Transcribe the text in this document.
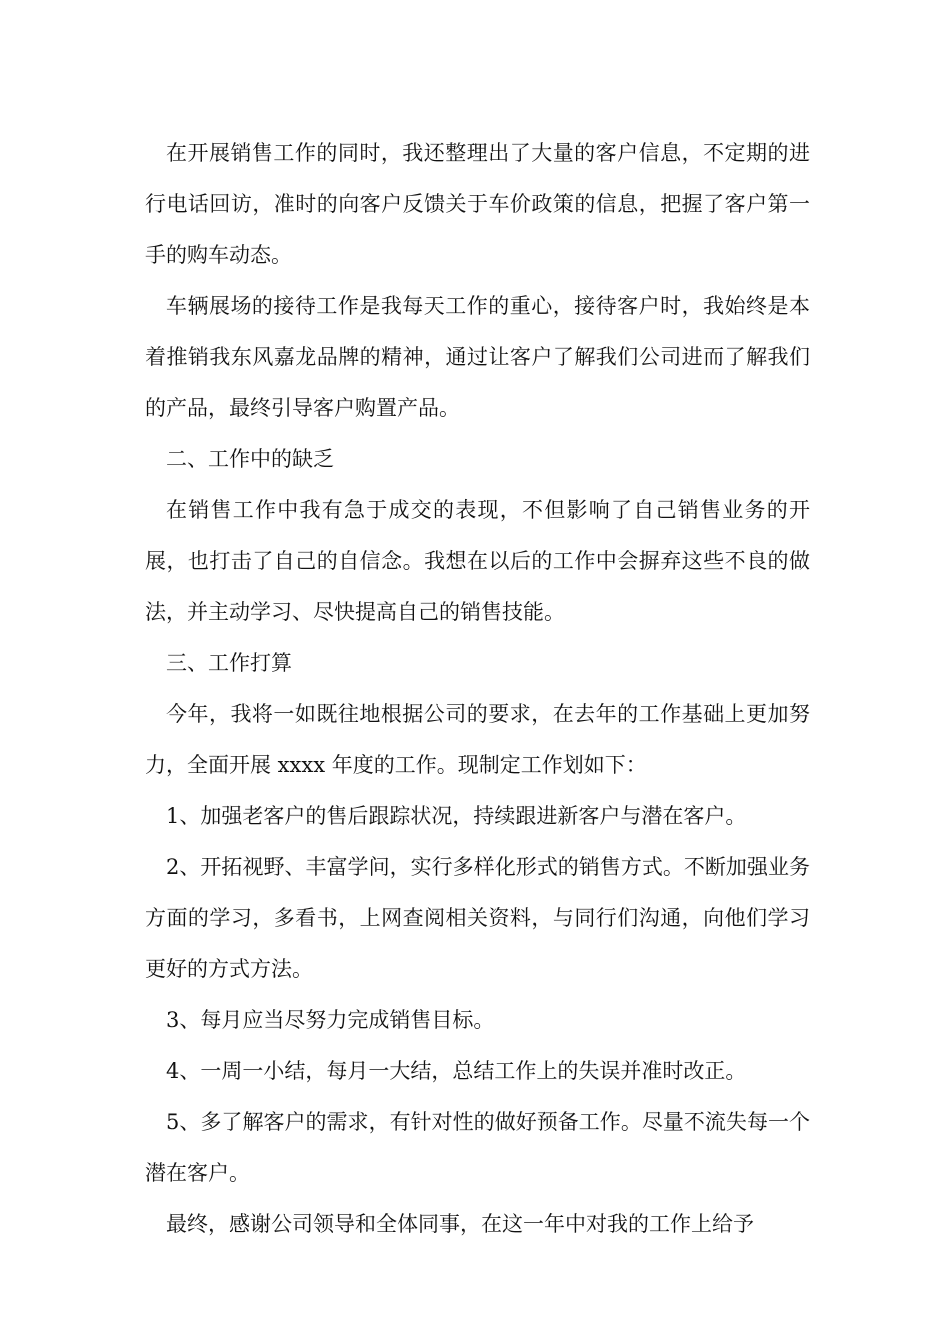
在开展销售工作的同时，我还整理出了大量的客户信息，不定期的进行电话回访，准时的向客户反馈关于车价政策的信息，把握了客户第一手的购车动态。

车辆展场的接待工作是我每天工作的重心，接待客户时，我始终是本着推销我东风嘉龙品牌的精神，通过让客户了解我们公司进而了解我们的产品，最终引导客户购置产品。

二、工作中的缺乏

在销售工作中我有急于成交的表现，不但影响了自己销售业务的开展，也打击了自己的自信念。我想在以后的工作中会摒弃这些不良的做法，并主动学习、尽快提高自己的销售技能。

三、工作打算

今年，我将一如既往地根据公司的要求，在去年的工作基础上更加努力，全面开展 xxxx 年度的工作。现制定工作划如下：

1、加强老客户的售后跟踪状况，持续跟进新客户与潜在客户。

2、开拓视野、丰富学问，实行多样化形式的销售方式。不断加强业务方面的学习，多看书，上网查阅相关资料，与同行们沟通，向他们学习更好的方式方法。

3、每月应当尽努力完成销售目标。

4、一周一小结，每月一大结，总结工作上的失误并准时改正。

5、多了解客户的需求，有针对性的做好预备工作。尽量不流失每一个潜在客户。

最终，感谢公司领导和全体同事，在这一年中对我的工作上给予
